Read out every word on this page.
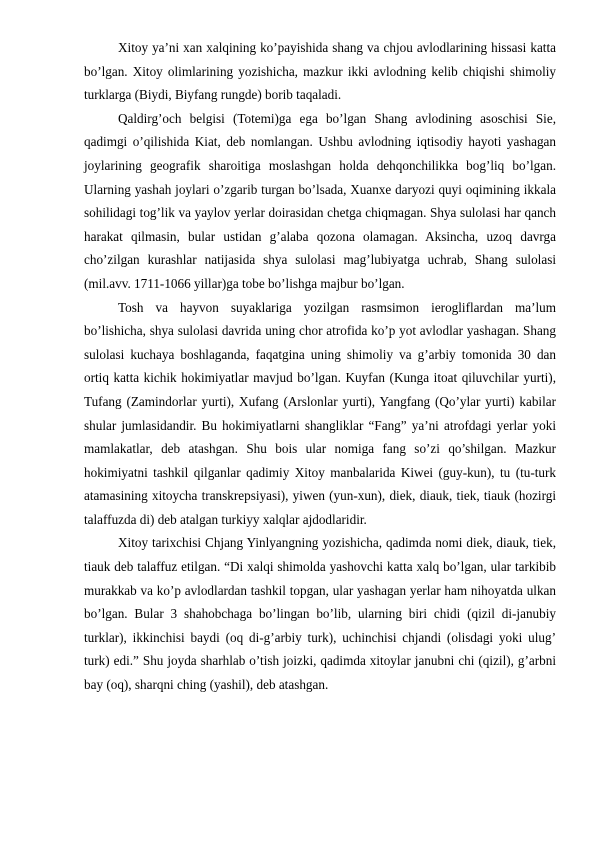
Xitoy ya’ni xan xalqining ko’payishida shang va chjou avlodlarining hissasi katta bo’lgan. Xitoy olimlarining yozishicha, mazkur ikki avlodning kelib chiqishi shimoliy turklarga (Biydi, Biyfang rungde) borib taqaladi.

Qaldirg’och belgisi (Totemi)ga ega bo’lgan Shang avlodining asoschisi Sie, qadimgi o’qilishida Kiat, deb nomlangan. Ushbu avlodning iqtisodiy hayoti yashagan joylarining geografik sharoitiga moslashgan holda dehqonchilikka bog’liq bo’lgan. Ularning yashah joylari o’zgarib turgan bo’lsada, Xuanxe daryozi quyi oqimining ikkala sohilidagi tog’lik va yaylov yerlar doirasidan chetga chiqmagan. Shya sulolasi har qanch harakat qilmasin, bular ustidan g’alaba qozona olamagan. Aksincha, uzoq davrga cho’zilgan kurashlar natijasida shya sulolasi mag’lubiyatga uchrab, Shang sulolasi (mil.avv. 1711-1066 yillar)ga tobe bo’lishga majbur bo’lgan.

Tosh va hayvon suyaklariga yozilgan rasmsimon ierogliflardan ma’lum bo’lishicha, shya sulolasi davrida uning chor atrofida ko’p yot avlodlar yashagan. Shang sulolasi kuchaya boshlaganda, faqatgina uning shimoliy va g’arbiy tomonida 30 dan ortiq katta kichik hokimiyatlar mavjud bo’lgan. Kuyfan (Kunga itoat qiluvchilar yurti), Tufang (Zamindorlar yurti), Xufang (Arslonlar yurti), Yangfang (Qo’ylar yurti) kabilar shular jumlasidandir. Bu hokimiyatlarni shangliklar “Fang” ya’ni atrofdagi yerlar yoki mamlakatlar, deb atashgan. Shu bois ular nomiga fang so’zi qo’shilgan. Mazkur hokimiyatni tashkil qilganlar qadimiy Xitoy manbalarida Kiwei (guy-kun), tu (tu-turk atamasining xitoycha transkrepsiyasi), yiwen (yun-xun), diek, diauk, tiek, tiauk (hozirgi talaffuzda di) deb atalgan turkiyy xalqlar ajdodlaridir.

Xitoy tarixchisi Chjang Yinlyangning yozishicha, qadimda nomi diek, diauk, tiek, tiauk deb talaffuz etilgan. “Di xalqi shimolda yashovchi katta xalq bo’lgan, ular tarkibib murakkab va ko’p avlodlardan tashkil topgan, ular yashagan yerlar ham nihoyatda ulkan bo’lgan. Bular 3 shahobchaga bo’lingan bo’lib, ularning biri chidi (qizil di-janubiy turklar), ikkinchisi baydi (oq di-g’arbiy turk), uchinchisi chjandi (olisdagi yoki ulug’ turk) edi.” Shu joyda sharhlab o’tish joizki, qadimda xitoylar janubni chi (qizil), g’arbni bay (oq), sharqni ching (yashil), deb atashgan.
